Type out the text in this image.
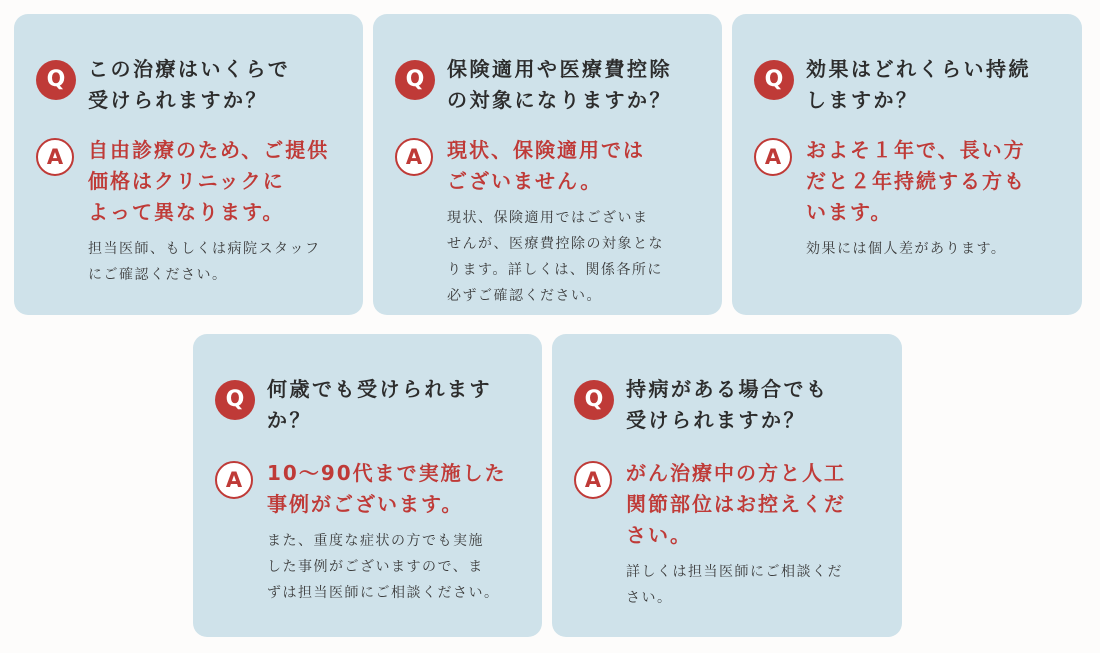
Q	この治療はいくらで
受けられますか？
A	自由診療のため、ご提供
価格はクリニックに
よって異なります。
担当医師、もしくは病院スタッフ
にご確認ください。
Q	保険適用や医療費控除
の対象になりますか？
A	現状、保険適用では
ございません。
現状、保険適用ではございま
せんが、医療費控除の対象とな
ります。詳しくは、関係各所に
必ずご確認ください。
Q	効果はどれくらい持続
しますか？
A	およそ１年で、長い方
だと２年持続する方も
います。
効果には個人差があります。
Q	何歳でも受けられます
か？
A	10～90代まで実施した
事例がございます。
また、重度な症状の方でも実施
した事例がございますので、ま
ずは担当医師にご相談ください。
Q	持病がある場合でも
受けられますか？
A	がん治療中の方と人工
関節部位はお控えくだ
さい。
詳しくは担当医師にご相談くだ
さい。
